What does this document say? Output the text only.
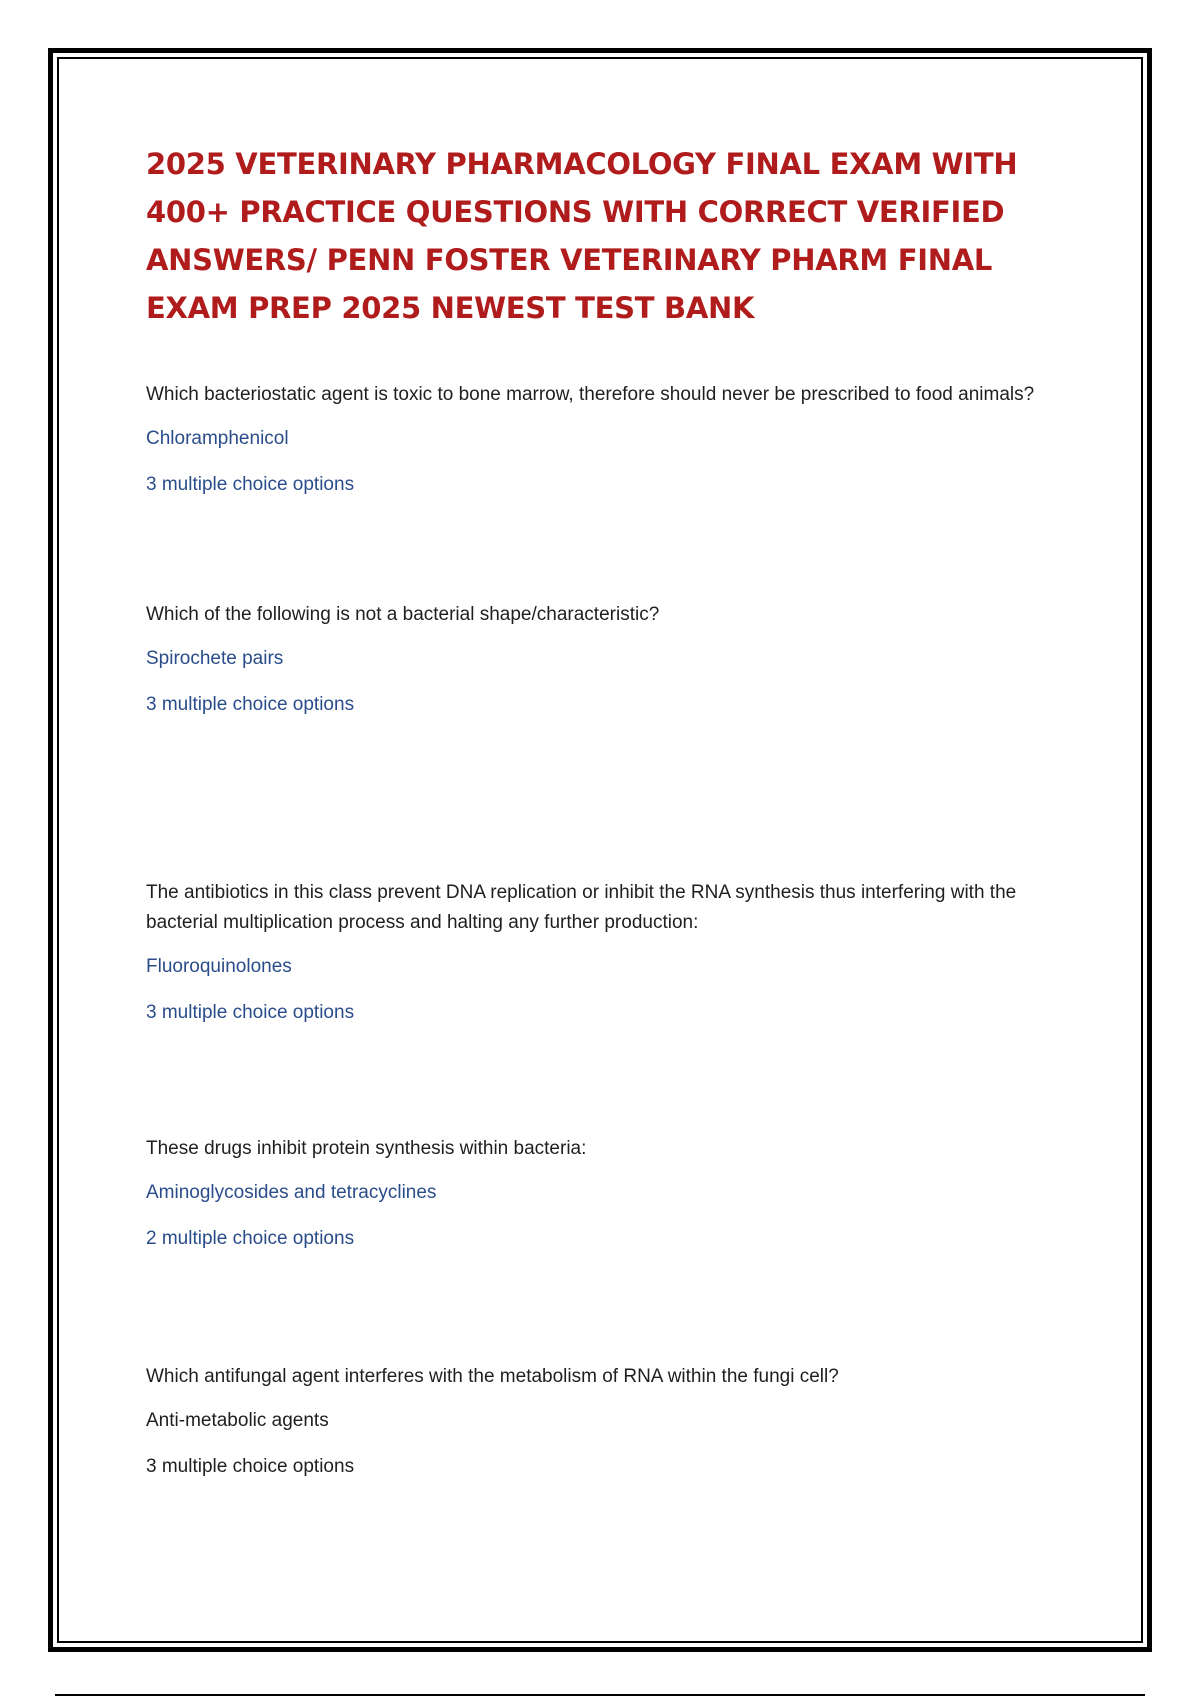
2025 VETERINARY PHARMACOLOGY FINAL EXAM WITH 400+ PRACTICE QUESTIONS WITH CORRECT VERIFIED ANSWERS/ PENN FOSTER VETERINARY PHARM FINAL EXAM PREP 2025 NEWEST TEST BANK

Which bacteriostatic agent is toxic to bone marrow, therefore should never be prescribed to food animals?

Chloramphenicol

3 multiple choice options

Which of the following is not a bacterial shape/characteristic?

Spirochete pairs

3 multiple choice options

The antibiotics in this class prevent DNA replication or inhibit the RNA synthesis thus interfering with the bacterial multiplication process and halting any further production:

Fluoroquinolones

3 multiple choice options

These drugs inhibit protein synthesis within bacteria:

Aminoglycosides and tetracyclines

2 multiple choice options

Which antifungal agent interferes with the metabolism of RNA within the fungi cell?

Anti-metabolic agents

3 multiple choice options
